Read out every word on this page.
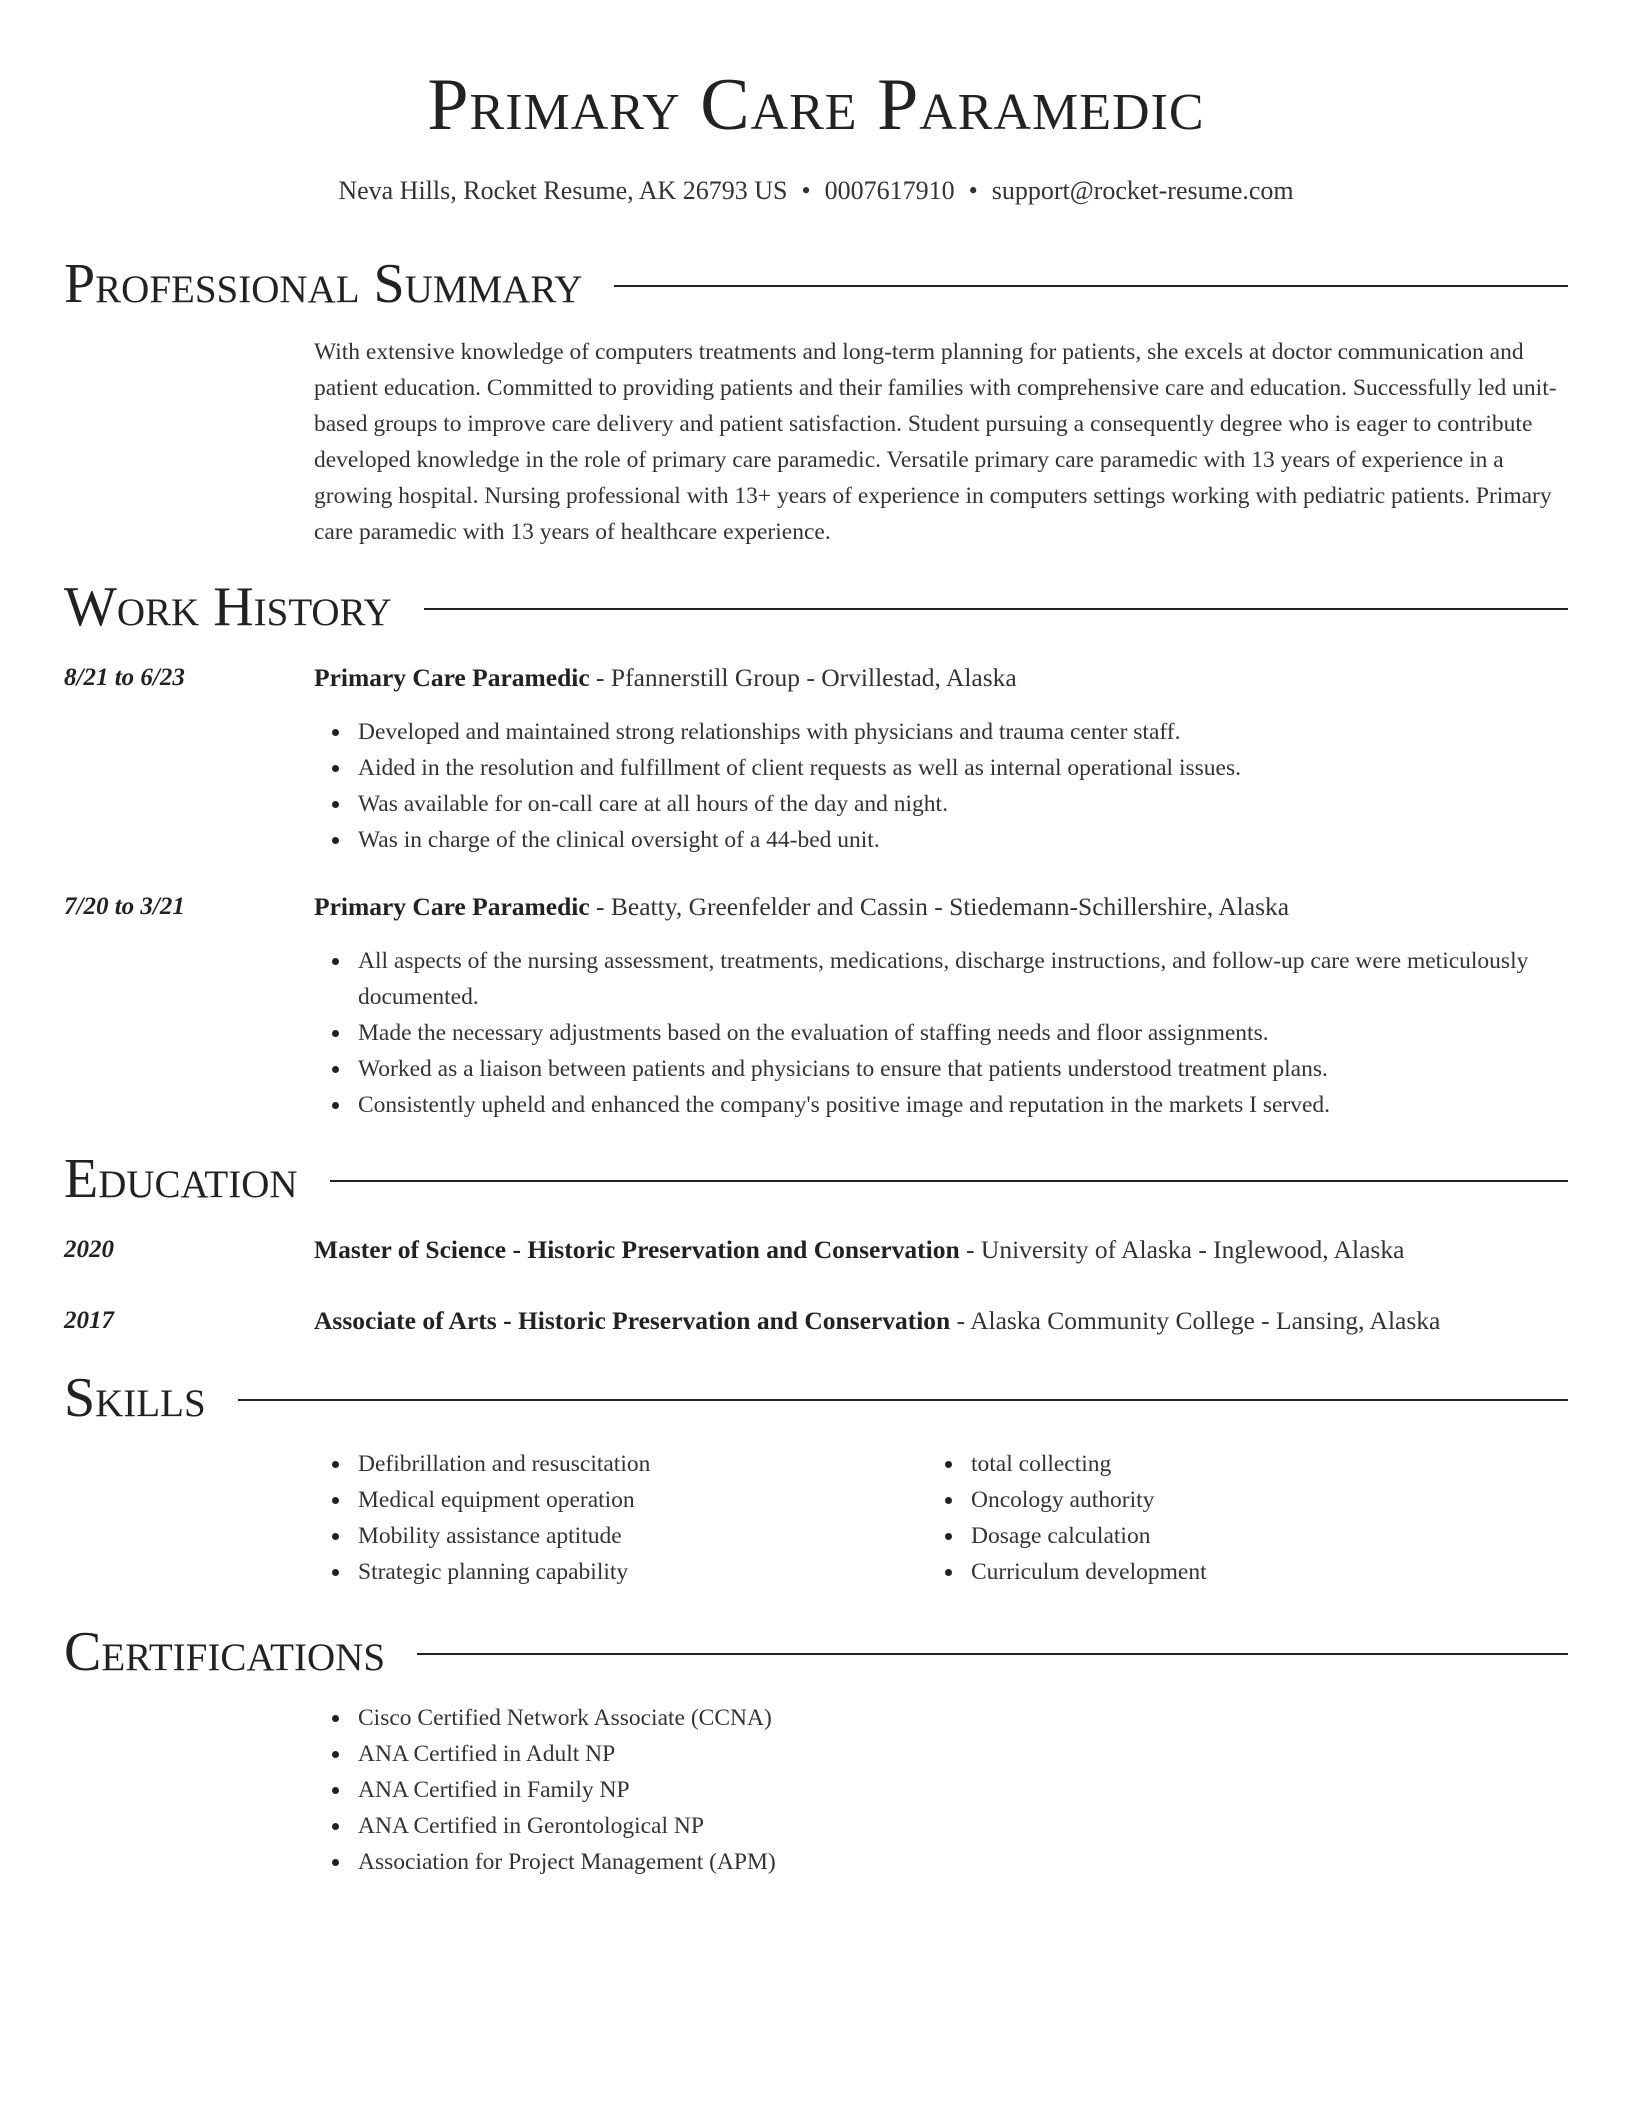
Primary Care Paramedic
Neva Hills, Rocket Resume, AK 26793 US • 0007617910 • support@rocket-resume.com
Professional Summary
With extensive knowledge of computers treatments and long-term planning for patients, she excels at doctor communication and patient education. Committed to providing patients and their families with comprehensive care and education. Successfully led unit-based groups to improve care delivery and patient satisfaction. Student pursuing a consequently degree who is eager to contribute developed knowledge in the role of primary care paramedic. Versatile primary care paramedic with 13 years of experience in a growing hospital. Nursing professional with 13+ years of experience in computers settings working with pediatric patients. Primary care paramedic with 13 years of healthcare experience.
Work History
8/21 to 6/23	Primary Care Paramedic - Pfannerstill Group - Orvillestad, Alaska
Developed and maintained strong relationships with physicians and trauma center staff.
Aided in the resolution and fulfillment of client requests as well as internal operational issues.
Was available for on-call care at all hours of the day and night.
Was in charge of the clinical oversight of a 44-bed unit.
7/20 to 3/21	Primary Care Paramedic - Beatty, Greenfelder and Cassin - Stiedemann-Schillershire, Alaska
All aspects of the nursing assessment, treatments, medications, discharge instructions, and follow-up care were meticulously documented.
Made the necessary adjustments based on the evaluation of staffing needs and floor assignments.
Worked as a liaison between patients and physicians to ensure that patients understood treatment plans.
Consistently upheld and enhanced the company's positive image and reputation in the markets I served.
Education
2020	Master of Science - Historic Preservation and Conservation - University of Alaska - Inglewood, Alaska
2017	Associate of Arts - Historic Preservation and Conservation - Alaska Community College - Lansing, Alaska
Skills
Defibrillation and resuscitation
Medical equipment operation
Mobility assistance aptitude
Strategic planning capability
total collecting
Oncology authority
Dosage calculation
Curriculum development
Certifications
Cisco Certified Network Associate (CCNA)
ANA Certified in Adult NP
ANA Certified in Family NP
ANA Certified in Gerontological NP
Association for Project Management (APM)
